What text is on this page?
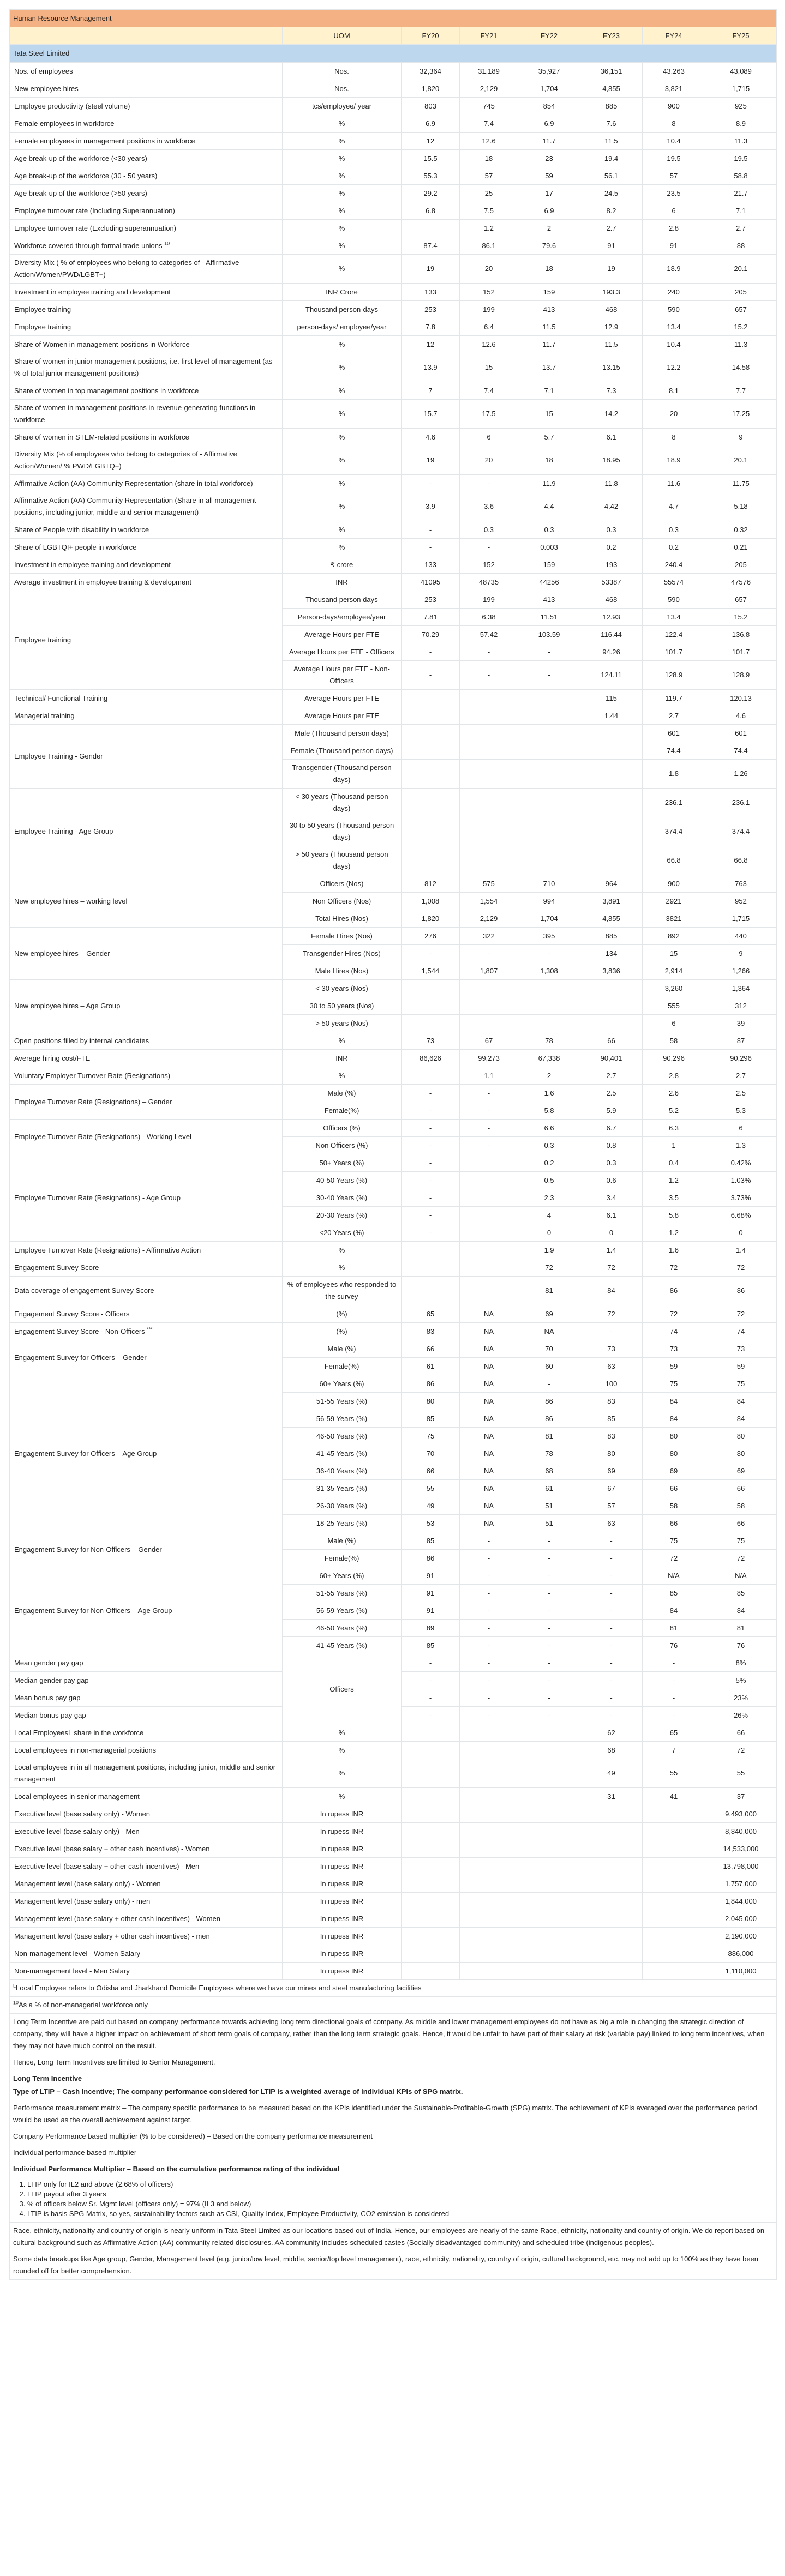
Human Resource Management							
	UOM	FY20	FY21	FY22	FY23	FY24	FY25
Tata Steel Limited							
Nos. of employees	Nos.	32,364	31,189	35,927	36,151	43,263	43,089
New employee hires	Nos.	1,820	2,129	1,704	4,855	3,821	1,715
Employee productivity (steel volume)	tcs/employee/ year	803	745	854	885	900	925
Female employees in workforce	%	6.9	7.4	6.9	7.6	8	8.9
Female employees in management positions in workforce	%	12	12.6	11.7	11.5	10.4	11.3
Age break-up of the workforce (<30 years)	%	15.5	18	23	19.4	19.5	19.5
Age break-up of the workforce (30 - 50 years)	%	55.3	57	59	56.1	57	58.8
Age break-up of the workforce (>50 years)	%	29.2	25	17	24.5	23.5	21.7
Employee turnover rate (Including Superannuation)	%	6.8	7.5	6.9	8.2	6	7.1
Employee turnover rate (Excluding superannuation)	%		1.2	2	2.7	2.8	2.7
Workforce covered through formal trade unions $^{10}$	%	87.4	86.1	79.6	91	91	88
Diversity Mix ( % of employees who belong to categories of - Affirmative Action/Women/PWD/LGBT+)	%	19	20	18	19	18.9	20.1
Investment in employee training and development	INR Crore	133	152	159	193.3	240	205
Employee training	Thousand person-days	253	199	413	468	590	657
Employee training	person-days/ employee/year	7.8	6.4	11.5	12.9	13.4	15.2
Share of Women in management positions in Workforce	%	12	12.6	11.7	11.5	10.4	11.3
Share of women in junior management positions, i.e. first level of management (as % of total junior management positions)	%	13.9	15	13.7	13.15	12.2	14.58
Share of women in top management positions in workforce	%	7	7.4	7.1	7.3	8.1	7.7
Share of women in management positions in revenue-generating functions in workforce	%	15.7	17.5	15	14.2	20	17.25
Share of women in STEM-related positions in workforce	%	4.6	6	5.7	6.1	8	9
Diversity Mix (% of employees who belong to categories of - Affirmative Action/Women/ % PWD/LGBTQ+)	%	19	20	18	18.95	18.9	20.1
Affirmative Action (AA) Community Representation (share in total workforce)	%	-	-	11.9	11.8	11.6	11.75
Affirmative Action (AA) Community Representation (Share in all management positions, including junior, middle and senior management)	%	3.9	3.6	4.4	4.42	4.7	5.18
Share of People with disability in workforce	%	-	0.3	0.3	0.3	0.3	0.32
Share of LGBTQI+ people in workforce	%	-	-	0.003	0.2	0.2	0.21
Investment in employee training and development	₹ crore	133	152	159	193	240.4	205
Average investment in employee training & development	INR	41095	48735	44256	53387	55574	47576
Employee training	Thousand person days	253	199	413	468	590	657
	Person-days/employee/year	7.81	6.38	11.51	12.93	13.4	15.2
	Average Hours per FTE	70.29	57.42	103.59	116.44	122.4	136.8
	Average Hours per FTE - Officers	-	-	-	94.26	101.7	101.7
	Average Hours per FTE - Non-Officers	-	-	-	124.11	128.9	128.9
Technical/ Functional Training	Average Hours per FTE				115	119.7	120.13
Managerial training	Average Hours per FTE				1.44	2.7	4.6
Employee Training - Gender	Male (Thousand person days)					601	601
	Female (Thousand person days)					74.4	74.4
	Transgender (Thousand person days)					1.8	1.26
Employee Training - Age Group	< 30 years (Thousand person days)					236.1	236.1
	30 to 50 years (Thousand person days)					374.4	374.4
	> 50 years (Thousand person days)					66.8	66.8
New employee hires – working level	Officers (Nos)	812	575	710	964	900	763
	Non Officers (Nos)	1,008	1,554	994	3,891	2921	952
	Total Hires (Nos)	1,820	2,129	1,704	4,855	3821	1,715
New employee hires – Gender	Female Hires (Nos)	276	322	395	885	892	440
	Transgender Hires (Nos)	-	-	-	134	15	9
	Male Hires (Nos)	1,544	1,807	1,308	3,836	2,914	1,266
New employee hires – Age Group	< 30 years (Nos)					3,260	1,364
	30 to 50 years (Nos)					555	312
	> 50 years (Nos)					6	39
Open positions filled by internal candidates	%	73	67	78	66	58	87
Average hiring cost/FTE	INR	86,626	99,273	67,338	90,401	90,296	90,296
Voluntary Employer Turnover Rate (Resignations)	%		1.1	2	2.7	2.8	2.7
Employee Turnover Rate (Resignations) – Gender	Male (%)	-	-	1.6	2.5	2.6	2.5
	Female(%)	-	-	5.8	5.9	5.2	5.3
Employee Turnover Rate (Resignations) - Working Level	Officers (%)	-	-	6.6	6.7	6.3	6
	Non Officers (%)	-	-	0.3	0.8	1	1.3
Employee Turnover Rate (Resignations) - Age Group	50+ Years (%)	-		0.2	0.3	0.4	0.42%
	40-50 Years (%)	-		0.5	0.6	1.2	1.03%
	30-40 Years (%)	-		2.3	3.4	3.5	3.73%
	20-30 Years (%)	-		4	6.1	5.8	6.68%
	<20 Years (%)	-		0	0	1.2	0
Employee Turnover Rate (Resignations) - Affirmative Action	%			1.9	1.4	1.6	1.4
Engagement Survey Score	%			72	72	72	72
Data coverage of engagement Survey Score	% of employees who responded to the survey			81	84	86	86
Engagement Survey Score - Officers	(%)	65	NA	69	72	72	72
Engagement Survey Score - Non-Officers ***	(%)	83	NA	NA	-	74	74
Engagement Survey for Officers – Gender	Male (%)	66	NA	70	73	73	73
	Female(%)	61	NA	60	63	59	59
Engagement Survey for Officers – Age Group	60+ Years (%)	86	NA	-	100	75	75
	51-55 Years (%)	80	NA	86	83	84	84
	56-59 Years (%)	85	NA	86	85	84	84
	46-50 Years (%)	75	NA	81	83	80	80
	41-45 Years (%)	70	NA	78	80	80	80
	36-40 Years (%)	66	NA	68	69	69	69
	31-35 Years (%)	55	NA	61	67	66	66
	26-30 Years (%)	49	NA	51	57	58	58
	18-25 Years (%)	53	NA	51	63	66	66
Engagement Survey for Non-Officers – Gender	Male (%)	85	-	-	-	75	75
	Female(%)	86	-	-	-	72	72
Engagement Survey for Non-Officers – Age Group	60+ Years (%)	91	-	-	-	N/A	N/A
	51-55 Years (%)	91	-	-	-	85	85
	56-59 Years (%)	91	-	-	-	84	84
	46-50 Years (%)	89	-	-	-	81	81
	41-45 Years (%)	85	-	-	-	76	76
Mean gender pay gap	Officers	-	-	-	-	-	8%
Median gender pay gap		-	-	-	-	-	5%
Mean bonus pay gap		-	-	-	-	-	23%
Median bonus pay gap		-	-	-	-	-	26%
Local EmployeesL share in the workforce	%				62	65	66
Local employees in non-managerial positions	%				68	7	72
Local employees in in all management positions, including junior, middle and senior management	%				49	55	55
Local employees in senior management	%				31	41	37
Executive level (base salary only) - Women	In rupess INR						9,493,000
Executive level (base salary only) - Men	In rupess INR						8,840,000
Executive level (base salary + other cash incentives) - Women	In rupess INR						14,533,000
Executive level (base salary + other cash incentives) - Men	In rupess INR						13,798,000
Management level (base salary only) - Women	In rupess INR						1,757,000
Management level (base salary only) - men	In rupess INR						1,844,000
Management level (base salary + other cash incentives) - Women	In rupess INR						2,045,000
Management level (base salary + other cash incentives) - men	In rupess INR						2,190,000
Non-management level - Women Salary	In rupess INR						886,000
Non-management level - Men Salary	In rupess INR						1,110,000
$^L$Local Employee refers to Odisha and Jharkhand Domicile Employees where we have our mines and steel manufacturing facilities							
$^{10}$As a % of non-managerial workforce only							

Long Term Incentive are paid out based on company performance towards achieving long term directional goals of company. As middle and lower management employees do not have as big a role in changing the strategic direction of company, they will have a higher impact on achievement of short term goals of company, rather than the long term strategic goals. Hence, it would be unfair to have part of their salary at risk (variable pay) linked to long term incentives, when they may not have much control on the result.

Hence, Long Term Incentives are limited to Senior Management.

Long Term Incentive

Type of LTIP – Cash Incentive; The company performance considered for LTIP is a weighted average of individual KPIs of SPG matrix.

Performance measurement matrix – The company specific performance to be measured based on the KPIs identified under the Sustainable-Profitable-Growth (SPG) matrix. The achievement of KPIs averaged over the performance period would be used as the overall achievement against target.

Company Performance based multiplier (% to be considered) – Based on the company performance measurement

Individual performance based multiplier

Individual Performance Multiplier – Based on the cumulative performance rating of the individual

1. LTIP only for IL2 and above (2.68% of officers)
2. LTIP payout after 3 years
3. % of officers below Sr. Mgmt level (officers only) = 97% (IL3 and below)
4. LTIP is basis SPG Matrix, so yes, sustainability factors such as CSI, Quality Index, Employee Productivity, CO2 emission is considered

Race, ethnicity, nationality and country of origin is nearly uniform in Tata Steel Limited as our locations based out of India. Hence, our employees are nearly of the same Race, ethnicity, nationality and country of origin. We do report based on cultural background such as Affirmative Action (AA) community related disclosures. AA community includes scheduled castes (Socially disadvantaged community) and scheduled tribe (indigenous peoples).

Some data breakups like Age group, Gender, Management level (e.g. junior/low level, middle, senior/top level management), race, ethnicity, nationality, country of origin, cultural background, etc. may not add up to 100% as they have been rounded off for better comprehension.							
